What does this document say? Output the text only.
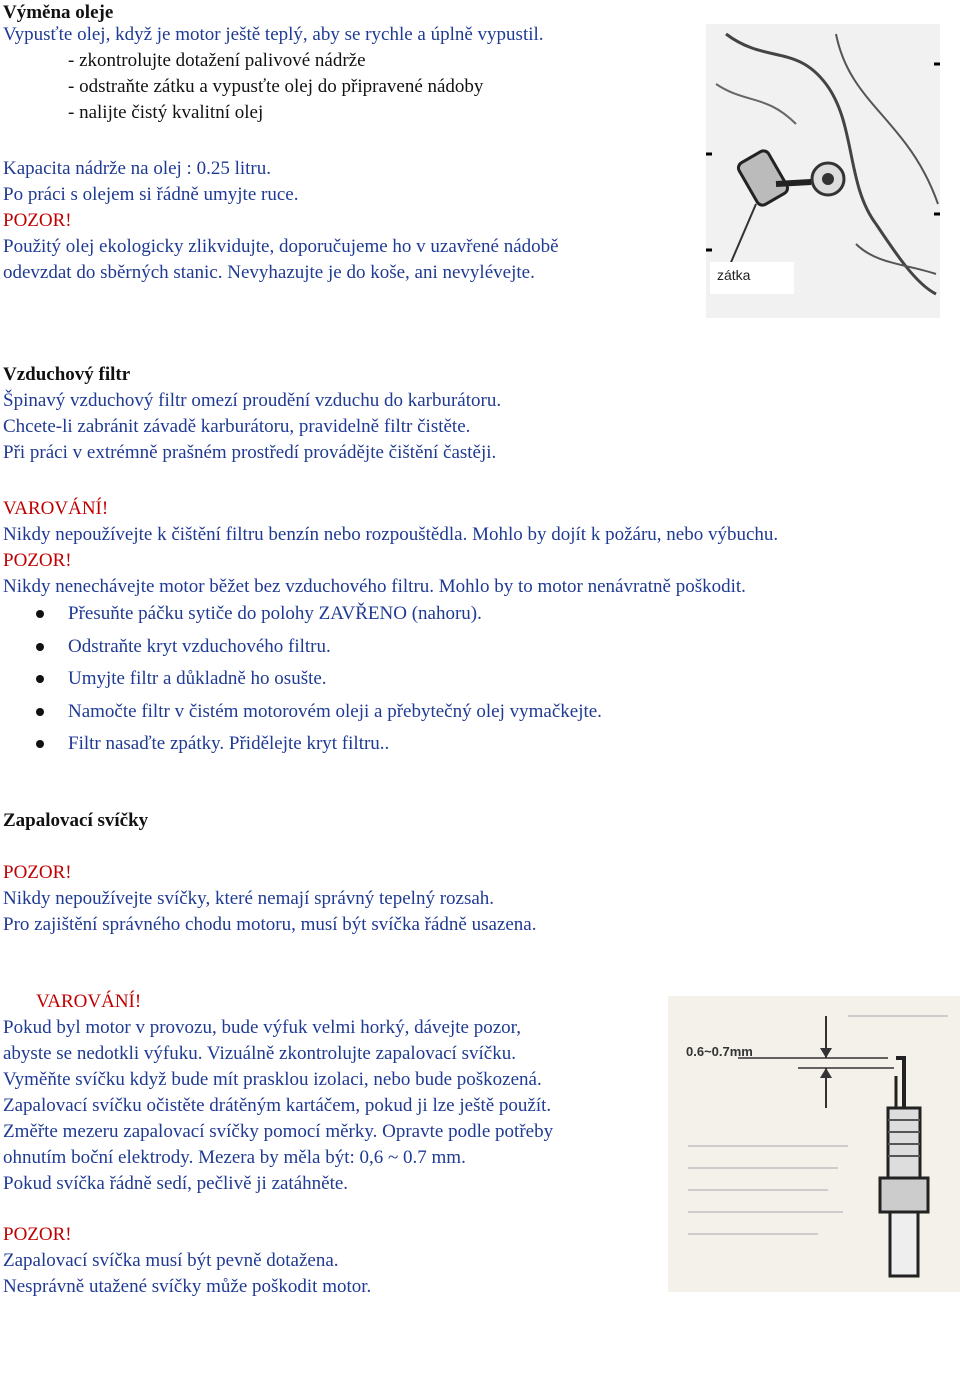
Výměna oleje
Vypusťte olej, když je motor ještě teplý, aby se rychle a úplně vypustil.
- zkontrolujte dotažení palivové nádrže
- odstraňte zátku a vypusťte olej do připravené nádoby
- nalijte čistý kvalitní olej
Kapacita nádrže na olej : 0.25 litru.
Po práci s olejem si řádně umyjte ruce.
POZOR!
Použitý olej ekologicky zlikvidujte, doporučujeme ho v uzavřené nádobě
odevzdat do sběrných stanic. Nevyhazujte je do koše, ani nevylévejte.	zátka
Vzduchový filtr
Špinavý vzduchový filtr omezí proudění vzduchu do karburátoru.
Chcete-li zabránit závadě karburátoru, pravidelně filtr čistěte.
Při práci v extrémně prašném prostředí provádějte čištění častěji.
VAROVÁNÍ!
Nikdy nepoužívejte k čištění filtru benzín nebo rozpouštědla. Mohlo by dojít k požáru, nebo výbuchu.
POZOR!
Nikdy nenechávejte motor běžet bez vzduchového filtru. Mohlo by to motor nenávratně poškodit.
Přesuňte páčku sytiče do polohy ZAVŘENO (nahoru).
Odstraňte kryt vzduchového filtru.
Umyjte filtr a důkladně ho osušte.
Namočte filtr v čistém motorovém oleji a přebytečný olej vymačkejte.
Filtr nasaďte zpátky. Přidělejte kryt filtru..
Zapalovací svíčky
POZOR!
Nikdy nepoužívejte svíčky, které nemají správný tepelný rozsah.
Pro zajištění správného chodu motoru, musí být svíčka řádně usazena.
VAROVÁNÍ!
Pokud byl motor v provozu, bude výfuk velmi horký, dávejte pozor,
abyste se nedotkli výfuku. Vizuálně zkontrolujte zapalovací svíčku.
Vyměňte svíčku když bude mít prasklou izolaci, nebo bude poškozená.
Zapalovací svíčku očistěte drátěným kartáčem, pokud ji lze ještě použít.
Změřte mezeru zapalovací svíčky pomocí měrky. Opravte podle potřeby
ohnutím boční elektrody. Mezera by měla být: 0,6 ~ 0.7 mm.
Pokud svíčka řádně sedí, pečlivě ji zatáhněte.
POZOR!
Zapalovací svíčka musí být pevně dotažena.
Nesprávně utažené svíčky může poškodit motor.
0.6~0.7mm
